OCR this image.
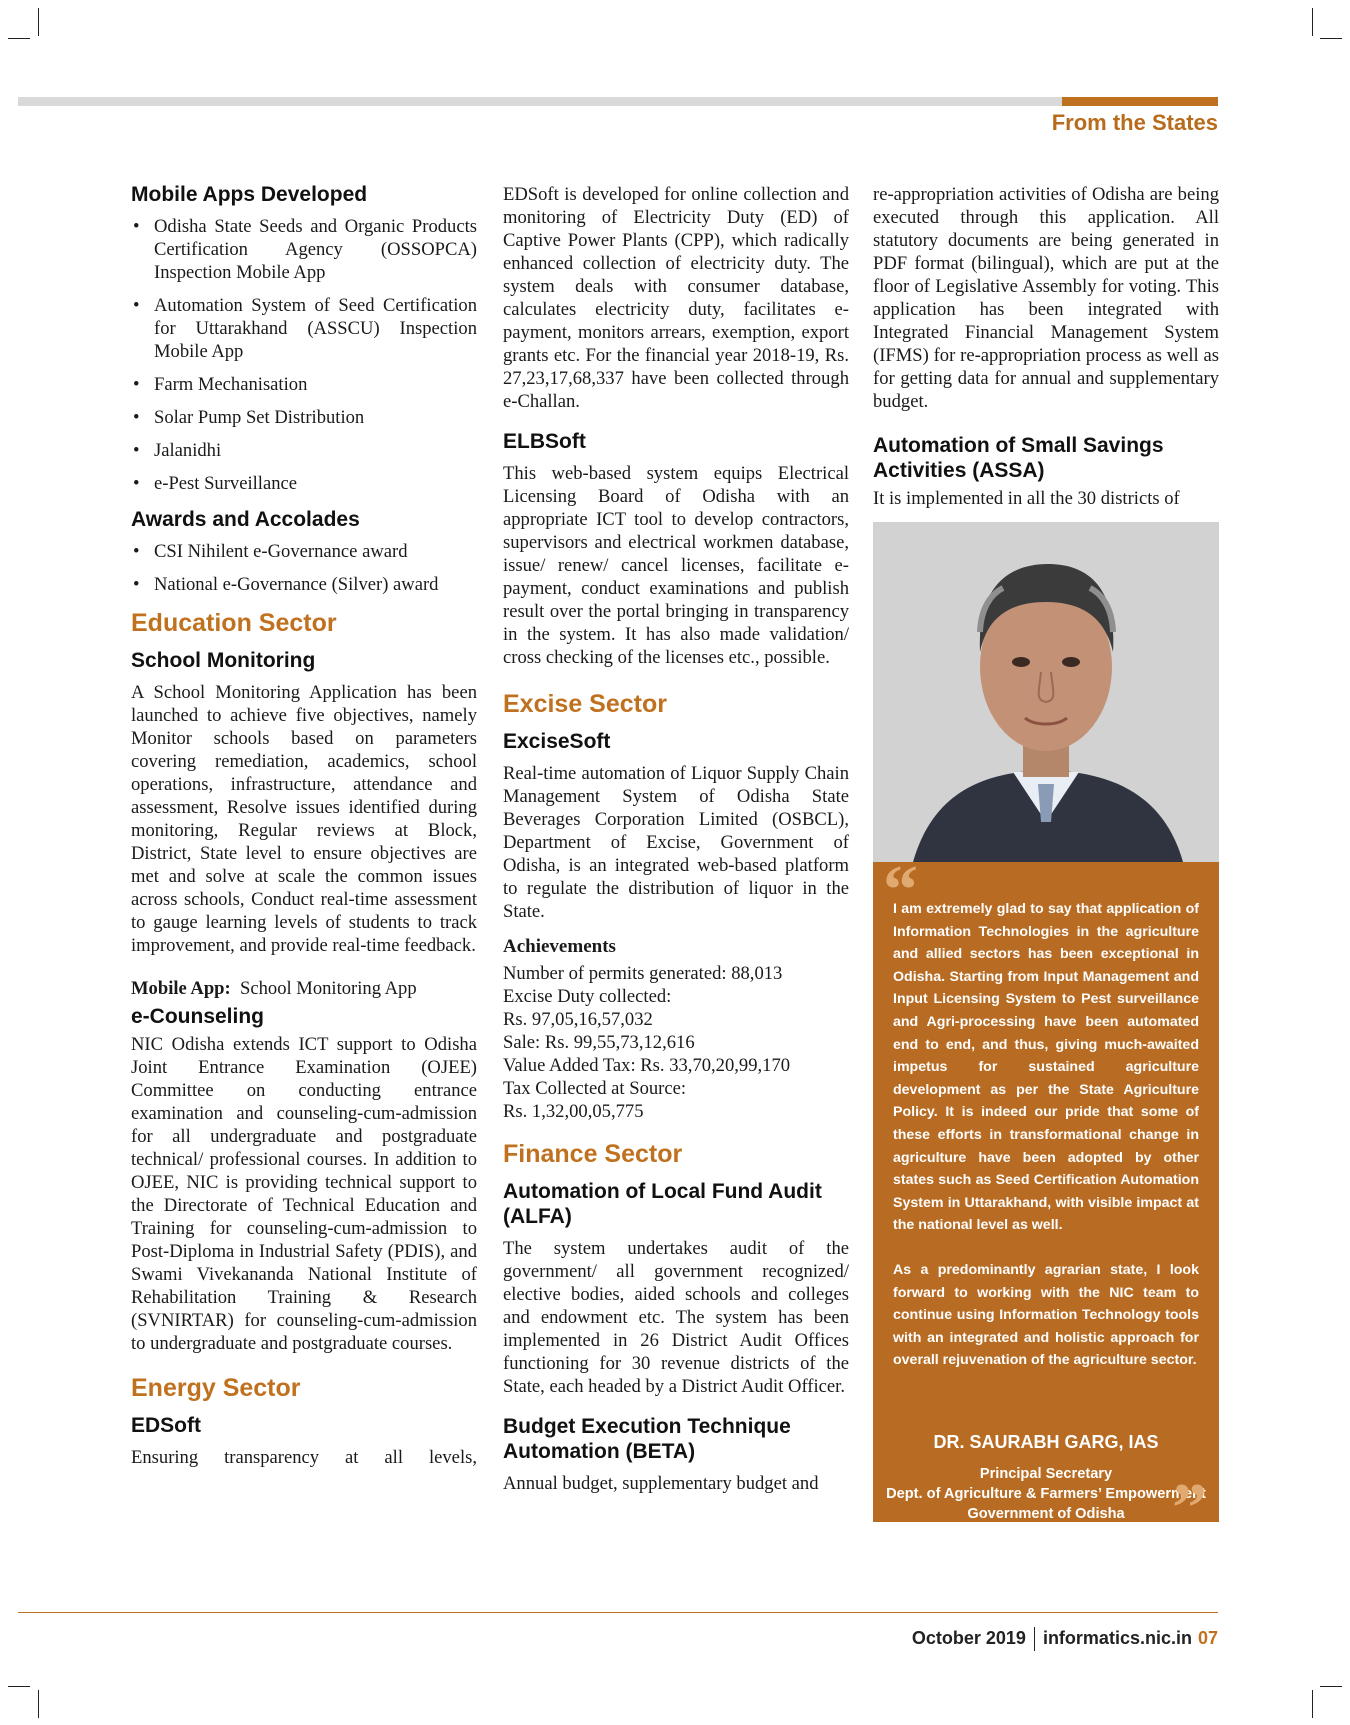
From the States
Mobile Apps Developed
• Odisha State Seeds and Organic Products Certification Agency (OSSOPCA) Inspection Mobile App
• Automation System of Seed Certification for Uttarakhand (ASSCU) Inspection Mobile App
• Farm Mechanisation
• Solar Pump Set Distribution
• Jalanidhi
• e-Pest Surveillance
Awards and Accolades
• CSI Nihilent e-Governance award
• National e-Governance (Silver) award
Education Sector
School Monitoring

A School Monitoring Application has been launched to achieve five objectives, namely Monitor schools based on parameters covering remediation, academics, school operations, infrastructure, attendance and assessment, Resolve issues identified during monitoring, Regular reviews at Block, District, State level to ensure objectives are met and solve at scale the common issues across schools, Conduct real-time assessment to gauge learning levels of students to track improvement, and provide real-time feedback.

Mobile App: School Monitoring App

e-Counseling

NIC Odisha extends ICT support to Odisha Joint Entrance Examination (OJEE) Committee on conducting entrance examination and counseling-cum-admission for all undergraduate and postgraduate technical/ professional courses. In addition to OJEE, NIC is providing technical support to the Directorate of Technical Education and Training for counseling-cum-admission to Post-Diploma in Industrial Safety (PDIS), and Swami Vivekananda National Institute of Rehabilitation Training & Research (SVNIRTAR) for counseling-cum-admission to undergraduate and postgraduate courses.

Energy Sector
EDSoft

Ensuring transparency at all levels,

EDSoft is developed for online collection and monitoring of Electricity Duty (ED) of Captive Power Plants (CPP), which radically enhanced collection of electricity duty. The system deals with consumer database, calculates electricity duty, facilitates e-payment, monitors arrears, exemption, export grants etc. For the financial year 2018-19, Rs. 27,23,17,68,337 have been collected through e-Challan.

ELBSoft

This web-based system equips Electrical Licensing Board of Odisha with an appropriate ICT tool to develop contractors, supervisors and electrical workmen database, issue/ renew/ cancel licenses, facilitate e-payment, conduct examinations and publish result over the portal bringing in transparency in the system. It has also made validation/ cross checking of the licenses etc., possible.

Excise Sector
ExciseSoft

Real-time automation of Liquor Supply Chain Management System of Odisha State Beverages Corporation Limited (OSBCL), Department of Excise, Government of Odisha, is an integrated web-based platform to regulate the distribution of liquor in the State.

Achievements
Number of permits generated: 88,013
Excise Duty collected:
Rs. 97,05,16,57,032
Sale: Rs. 99,55,73,12,616
Value Added Tax: Rs. 33,70,20,99,170
Tax Collected at Source:
Rs. 1,32,00,05,775
Finance Sector
Automation of Local Fund Audit (ALFA)

The system undertakes audit of the government/ all government recognized/ elective bodies, aided schools and colleges and endowment etc. The system has been implemented in 26 District Audit Offices functioning for 30 revenue districts of the State, each headed by a District Audit Officer.

Budget Execution Technique Automation (BETA)

Annual budget, supplementary budget and

re-appropriation activities of Odisha are being executed through this application. All statutory documents are being generated in PDF format (bilingual), which are put at the floor of Legislative Assembly for voting. This application has been integrated with Integrated Financial Management System (IFMS) for re-appropriation process as well as for getting data for annual and supplementary budget.

Automation of Small Savings Activities (ASSA)

It is implemented in all the 30 districts of

“

I am extremely glad to say that application of Information Technologies in the agriculture and allied sectors has been exceptional in Odisha. Starting from Input Management and Input Licensing System to Pest surveillance and Agri-processing have been automated end to end, and thus, giving much-awaited impetus for sustained agriculture development as per the State Agriculture Policy. It is indeed our pride that some of these efforts in transformational change in agriculture have been adopted by other states such as Seed Certification Automation System in Uttarakhand, with visible impact at the national level as well.

As a predominantly agrarian state, I look forward to working with the NIC team to continue using Information Technology tools with an integrated and holistic approach for overall rejuvenation of the agriculture sector.

DR. SAURABH GARG, IAS
Principal Secretary
Dept. of Agriculture & Farmers’ Empowerment
Government of Odisha ”
October 2019 informatics.nic.in 07
